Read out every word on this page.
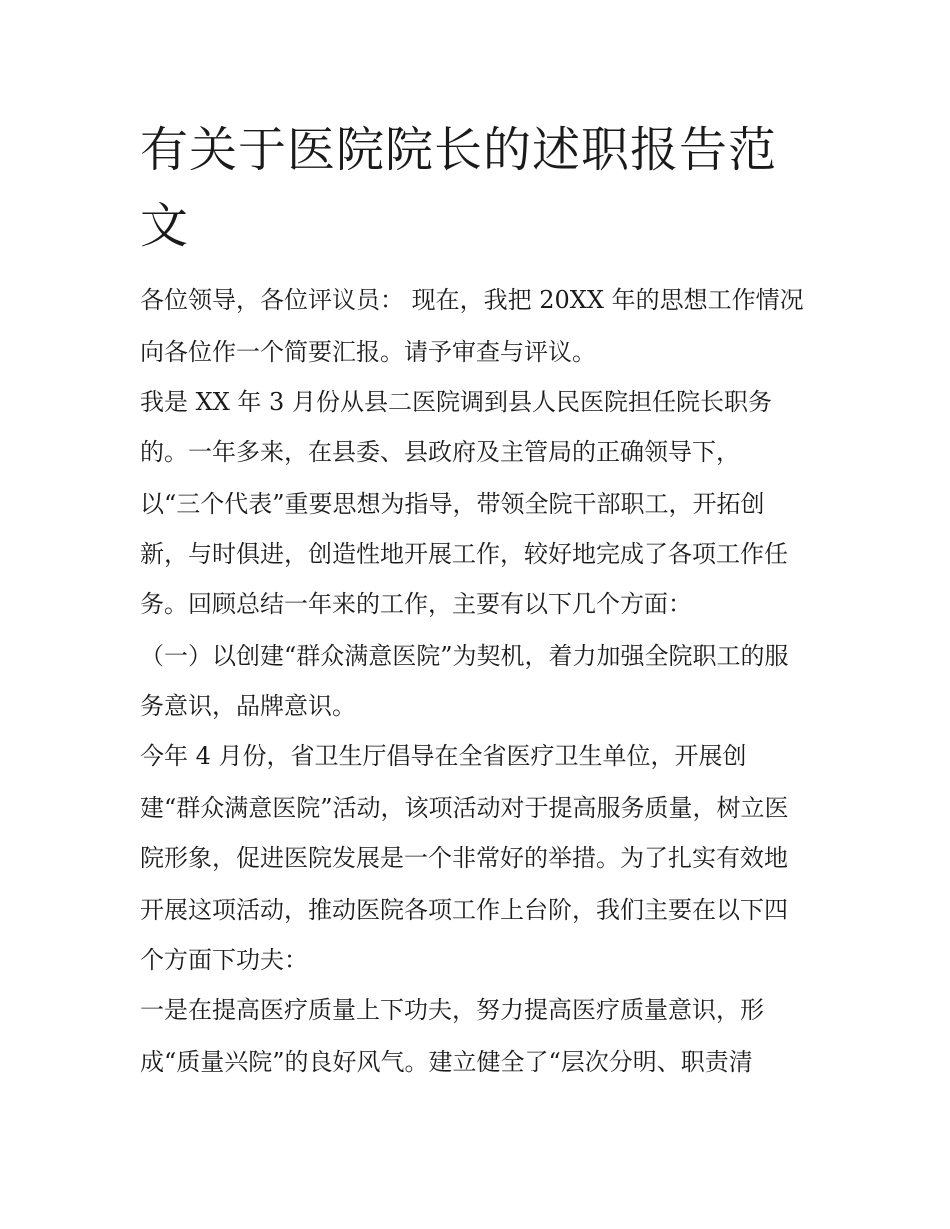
有关于医院院长的述职报告范
文

各位领导，各位评议员： 现在，我把 20XX 年的思想工作情况

向各位作一个简要汇报。请予审查与评议。

我是 XX 年 3 月份从县二医院调到县人民医院担任院长职务

的。一年多来，在县委、县政府及主管局的正确领导下，

以“三个代表”重要思想为指导，带领全院干部职工，开拓创

新，与时俱进，创造性地开展工作，较好地完成了各项工作任

务。回顾总结一年来的工作，主要有以下几个方面：

（一）以创建“群众满意医院”为契机，着力加强全院职工的服

务意识，品牌意识。

今年 4 月份，省卫生厅倡导在全省医疗卫生单位，开展创

建“群众满意医院”活动，该项活动对于提高服务质量，树立医

院形象，促进医院发展是一个非常好的举措。为了扎实有效地

开展这项活动，推动医院各项工作上台阶，我们主要在以下四

个方面下功夫：

一是在提高医疗质量上下功夫，努力提高医疗质量意识，形

成“质量兴院”的良好风气。建立健全了“层次分明、职责清
